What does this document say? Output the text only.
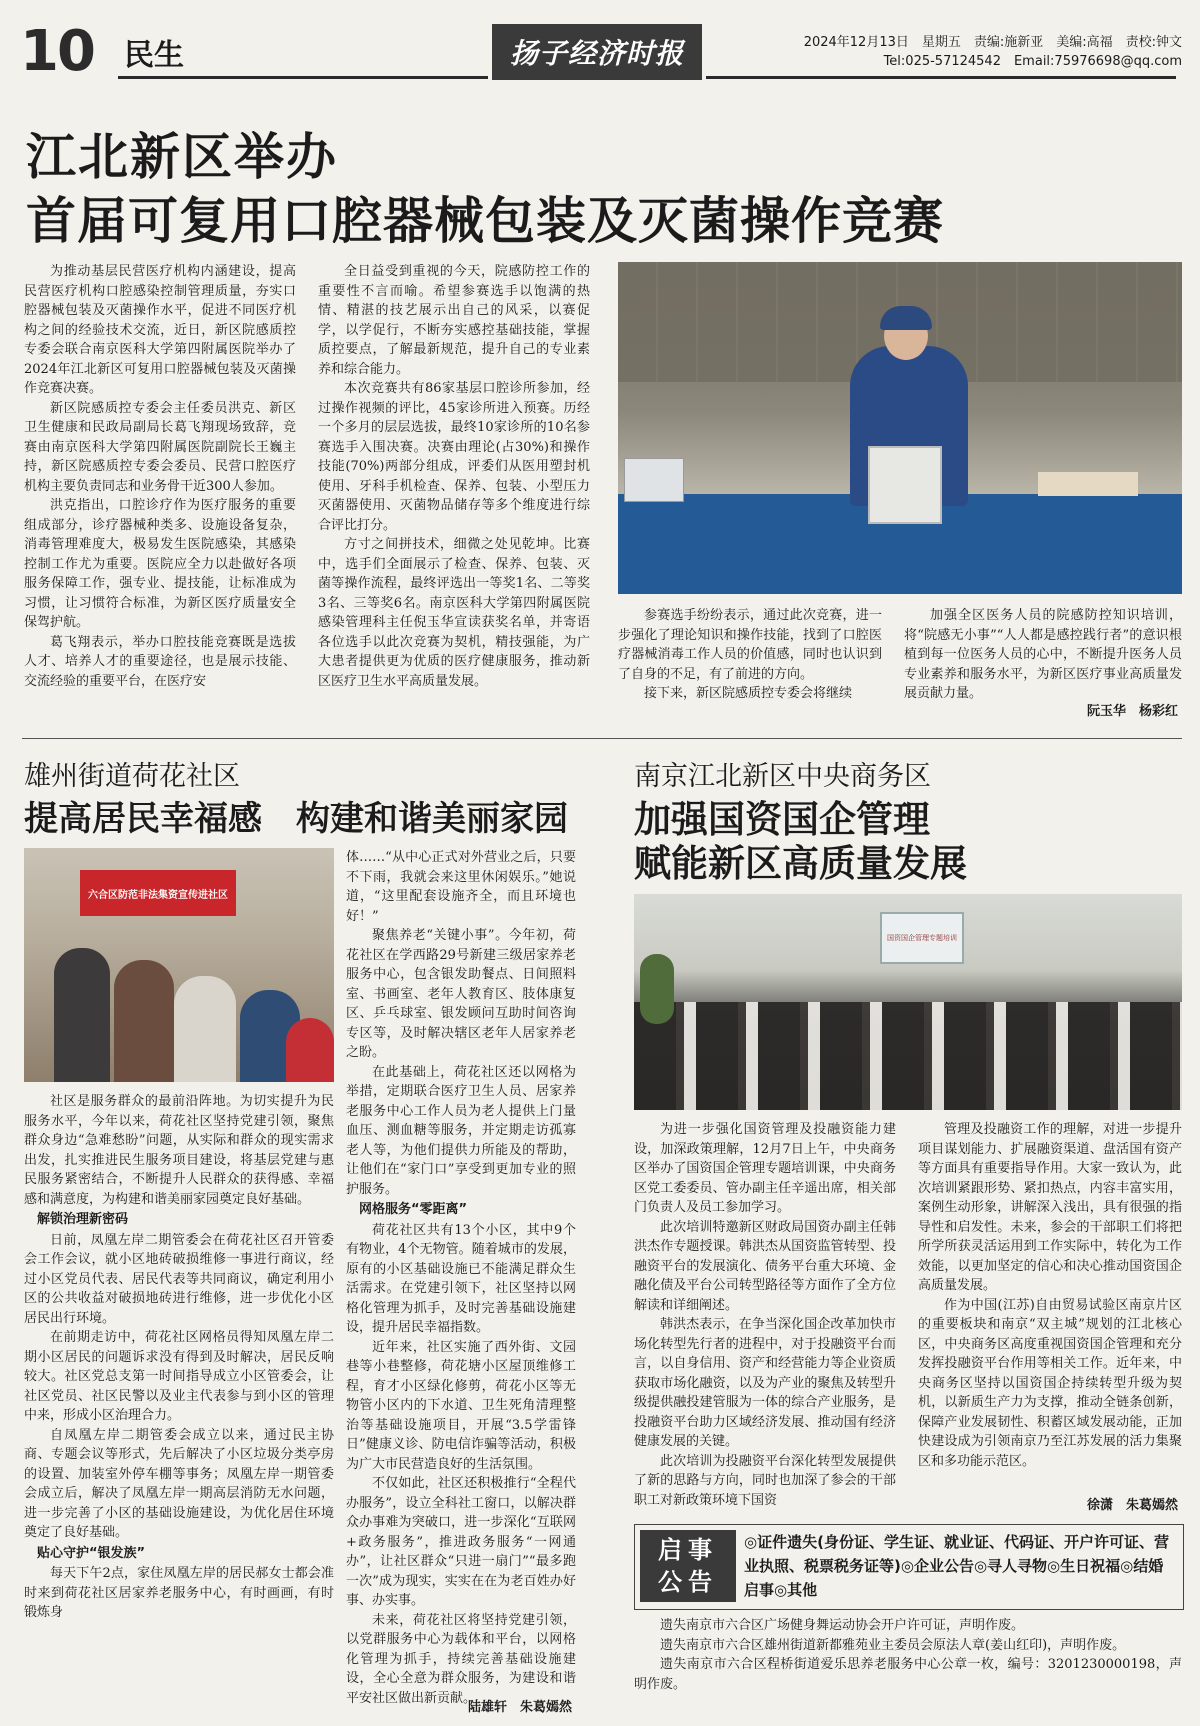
10 民生	扬子经济时报	2024年12月13日　星期五　责编:施新亚　美编:高福　责校:钟文
Tel:025-57124542　Email:75976698@qq.com
江北新区举办
首届可复用口腔器械包装及灭菌操作竞赛

为推动基层民营医疗机构内涵建设，提高民营医疗机构口腔感染控制管理质量，夯实口腔器械包装及灭菌操作水平，促进不同医疗机构之间的经验技术交流，近日，新区院感质控专委会联合南京医科大学第四附属医院举办了2024年江北新区可复用口腔器械包装及灭菌操作竞赛决赛。

新区院感质控专委会主任委员洪克、新区卫生健康和民政局副局长葛飞翔现场致辞，竞赛由南京医科大学第四附属医院副院长王巍主持，新区院感质控专委会委员、民营口腔医疗机构主要负责同志和业务骨干近300人参加。

洪克指出，口腔诊疗作为医疗服务的重要组成部分，诊疗器械种类多、设施设备复杂，消毒管理难度大，极易发生医院感染，其感染控制工作尤为重要。医院应全力以赴做好各项服务保障工作，强专业、提技能，让标准成为习惯，让习惯符合标准，为新区医疗质量安全保驾护航。

葛飞翔表示，举办口腔技能竞赛既是选拔人才、培养人才的重要途径，也是展示技能、交流经验的重要平台，在医疗安

全日益受到重视的今天，院感防控工作的重要性不言而喻。希望参赛选手以饱满的热情、精湛的技艺展示出自己的风采，以赛促学，以学促行，不断夯实感控基础技能，掌握质控要点，了解最新规范，提升自己的专业素养和综合能力。

本次竞赛共有86家基层口腔诊所参加，经过操作视频的评比，45家诊所进入预赛。历经一个多月的层层选拔，最终10家诊所的10名参赛选手入围决赛。决赛由理论(占30%)和操作技能(70%)两部分组成，评委们从医用塑封机使用、牙科手机检查、保养、包装、小型压力灭菌器使用、灭菌物品储存等多个维度进行综合评比打分。

方寸之间拼技术，细微之处见乾坤。比赛中，选手们全面展示了检查、保养、包装、灭菌等操作流程，最终评选出一等奖1名、二等奖3名、三等奖6名。南京医科大学第四附属医院感染管理科主任倪玉华宣读获奖名单，并寄语各位选手以此次竞赛为契机，精技强能，为广大患者提供更为优质的医疗健康服务，推动新区医疗卫生水平高质量发展。

参赛选手纷纷表示，通过此次竞赛，进一步强化了理论知识和操作技能，找到了口腔医疗器械消毒工作人员的价值感，同时也认识到了自身的不足，有了前进的方向。

接下来，新区院感质控专委会将继续

加强全区医务人员的院感防控知识培训，将“院感无小事”“人人都是感控践行者”的意识根植到每一位医务人员的心中，不断提升医务人员专业素养和服务水平，为新区医疗事业高质量发展贡献力量。

阮玉华　杨彩红
雄州街道荷花社区
提高居民幸福感　构建和谐美丽家园
六合区防范非法集资宣传进社区

社区是服务群众的最前沿阵地。为切实提升为民服务水平，今年以来，荷花社区坚持党建引领，聚焦群众身边“急难愁盼”问题，从实际和群众的现实需求出发，扎实推进民生服务项目建设，将基层党建与惠民服务紧密结合，不断提升人民群众的获得感、幸福感和满意度，为构建和谐美丽家园奠定良好基础。

解锁治理新密码

日前，凤凰左岸二期管委会在荷花社区召开管委会工作会议，就小区地砖破损维修一事进行商议，经过小区党员代表、居民代表等共同商议，确定利用小区的公共收益对破损地砖进行维修，进一步优化小区居民出行环境。

在前期走访中，荷花社区网格员得知凤凰左岸二期小区居民的问题诉求没有得到及时解决，居民反响较大。社区党总支第一时间指导成立小区管委会，让社区党员、社区民警以及业主代表参与到小区的管理中来，形成小区治理合力。

自凤凰左岸二期管委会成立以来，通过民主协商、专题会议等形式，先后解决了小区垃圾分类亭房的设置、加装室外停车棚等事务；凤凰左岸一期管委会成立后，解决了凤凰左岸一期高层消防无水问题，进一步完善了小区的基础设施建设，为优化居住环境奠定了良好基础。

贴心守护“银发族”

每天下午2点，家住凤凰左岸的居民郝女士都会准时来到荷花社区居家养老服务中心，有时画画，有时锻炼身

体……“从中心正式对外营业之后，只要不下雨，我就会来这里休闲娱乐。”她说道，“这里配套设施齐全，而且环境也好！”

聚焦养老“关键小事”。今年初，荷花社区在学西路29号新建三级居家养老服务中心，包含银发助餐点、日间照料室、书画室、老年人教育区、肢体康复区、乒乓球室、银发顾问互助时间咨询专区等，及时解决辖区老年人居家养老之盼。

在此基础上，荷花社区还以网格为举措，定期联合医疗卫生人员、居家养老服务中心工作人员为老人提供上门量血压、测血糖等服务，并定期走访孤寡老人等，为他们提供力所能及的帮助，让他们在“家门口”享受到更加专业的照护服务。

网格服务“零距离”

荷花社区共有13个小区，其中9个有物业，4个无物管。随着城市的发展，原有的小区基础设施已不能满足群众生活需求。在党建引领下，社区坚持以网格化管理为抓手，及时完善基础设施建设，提升居民幸福指数。

近年来，社区实施了西外街、文园巷等小巷整修，荷花塘小区屋顶维修工程，育才小区绿化修剪，荷花小区等无物管小区内的下水道、卫生死角清理整治等基础设施项目，开展“3.5学雷锋日”健康义诊、防电信诈骗等活动，积极为广大市民营造良好的生活氛围。

不仅如此，社区还积极推行“全程代办服务”，设立全科社工窗口，以解决群众办事难为突破口，进一步深化“互联网+政务服务”，推进政务服务“一网通办”，让社区群众“只进一扇门”“最多跑一次”成为现实，实实在在为老百姓办好事、办实事。

未来，荷花社区将坚持党建引领，以党群服务中心为载体和平台，以网格化管理为抓手，持续完善基础设施建设，全心全意为群众服务，为建设和谐平安社区做出新贡献。

陆雄轩　朱葛嫣然
南京江北新区中央商务区
加强国资国企管理
赋能新区高质量发展
国资国企管理专题培训

为进一步强化国资管理及投融资能力建设，加深政策理解，12月7日上午，中央商务区举办了国资国企管理专题培训课，中央商务区党工委委员、管办副主任辛遥出席，相关部门负责人及员工参加学习。

此次培训特邀新区财政局国资办副主任韩洪杰作专题授课。韩洪杰从国资监管转型、投融资平台的发展演化、债务平台重大环境、金融化债及平台公司转型路径等方面作了全方位解读和详细阐述。

韩洪杰表示，在争当深化国企改革加快市场化转型先行者的进程中，对于投融资平台而言，以自身信用、资产和经营能力等企业资质获取市场化融资，以及为产业的聚焦及转型升级提供融投建管服为一体的综合产业服务，是投融资平台助力区域经济发展、推动国有经济健康发展的关键。

此次培训为投融资平台深化转型发展提供了新的思路与方向，同时也加深了参会的干部职工对新政策环境下国资

管理及投融资工作的理解，对进一步提升项目谋划能力、扩展融资渠道、盘活国有资产等方面具有重要指导作用。大家一致认为，此次培训紧跟形势、紧扣热点，内容丰富实用，案例生动形象，讲解深入浅出，具有很强的指导性和启发性。未来，参会的干部职工们将把所学所获灵活运用到工作实际中，转化为工作效能，以更加坚定的信心和决心推动国资国企高质量发展。

作为中国(江苏)自由贸易试验区南京片区的重要板块和南京“双主城”规划的江北核心区，中央商务区高度重视国资国企管理和充分发挥投融资平台作用等相关工作。近年来，中央商务区坚持以国资国企持续转型升级为契机，以新质生产力为支撑，推动全链条创新，保障产业发展韧性、积蓄区域发展动能，正加快建设成为引领南京乃至江苏发展的活力集聚区和多功能示范区。

徐潇　朱葛嫣然
启事
公告
◎证件遗失(身份证、学生证、就业证、代码证、开户许可证、营业执照、税票税务证等)◎企业公告◎寻人寻物◎生日祝福◎结婚启事◎其他

遗失南京市六合区广场健身舞运动协会开户许可证，声明作废。

遗失南京市六合区雄州街道新都雅苑业主委员会原法人章(姜山红印)，声明作废。

遗失南京市六合区程桥街道爱乐思养老服务中心公章一枚，编号：3201230000198，声明作废。
